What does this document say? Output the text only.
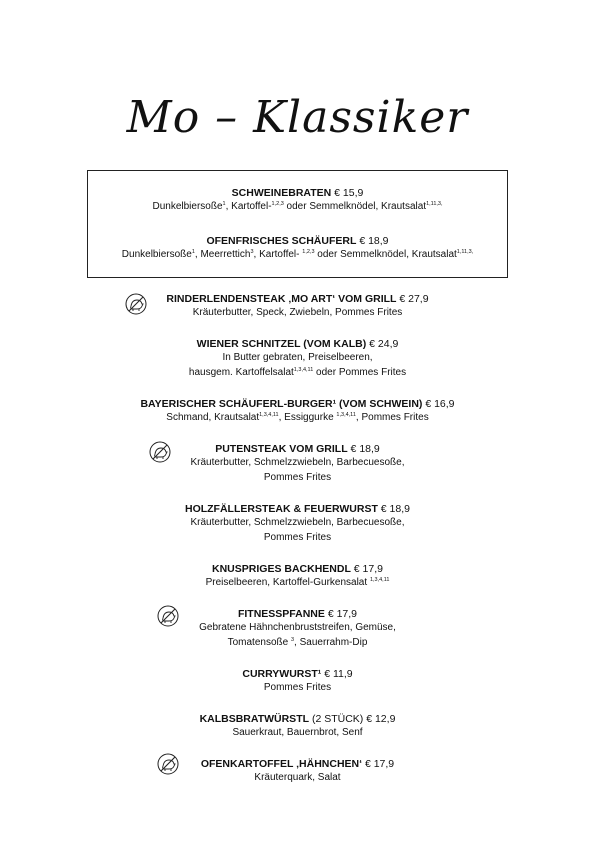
Mo – Klassiker
SCHWEINEBRATEN € 15,9
Dunkelbiersoße$^1$, Kartoffel-$^{1,2,3}$ oder Semmelknödel, Krautsalat$^{1,11,3,}$
OFENFRISCHES SCHÄUFERL € 18,9
Dunkelbiersoße$^1$, Meerrettich$^3$, Kartoffel- $^{1,2,3}$ oder Semmelknödel, Krautsalat$^{1,11,3,}$
RINDERLENDENSTEAK ‚MO ART‘ VOM GRILL € 27,9
Kräuterbutter, Speck, Zwiebeln, Pommes Frites
WIENER SCHNITZEL (VOM KALB) € 24,9
In Butter gebraten, Preiselbeeren,
hausgem. Kartoffelsalat$^{1,3,4,11}$ oder Pommes Frites
BAYERISCHER SCHÄUFERL-BURGER¹ (VOM SCHWEIN) € 16,9
Schmand, Krautsalat$^{1,3,4,11}$, Essiggurke $^{1,3,4,11}$, Pommes Frites
PUTENSTEAK VOM GRILL € 18,9
Kräuterbutter, Schmelzzwiebeln, Barbecuesoße,
Pommes Frites
HOLZFÄLLERSTEAK & FEUERWURST € 18,9
Kräuterbutter, Schmelzzwiebeln, Barbecuesoße,
Pommes Frites
KNUSPRIGES BACKHENDL € 17,9
Preiselbeeren, Kartoffel-Gurkensalat $^{1,3,4,11}$
FITNESSPFANNE € 17,9
Gebratene Hähnchenbruststreifen, Gemüse,
Tomatensoße $^3$, Sauerrahm-Dip
CURRYWURST¹ € 11,9
Pommes Frites
KALBSBRATWÜRSTL (2 STÜCK) € 12,9
Sauerkraut, Bauernbrot, Senf
OFENKARTOFFEL ‚HÄHNCHEN‘ € 17,9
Kräuterquark, Salat
